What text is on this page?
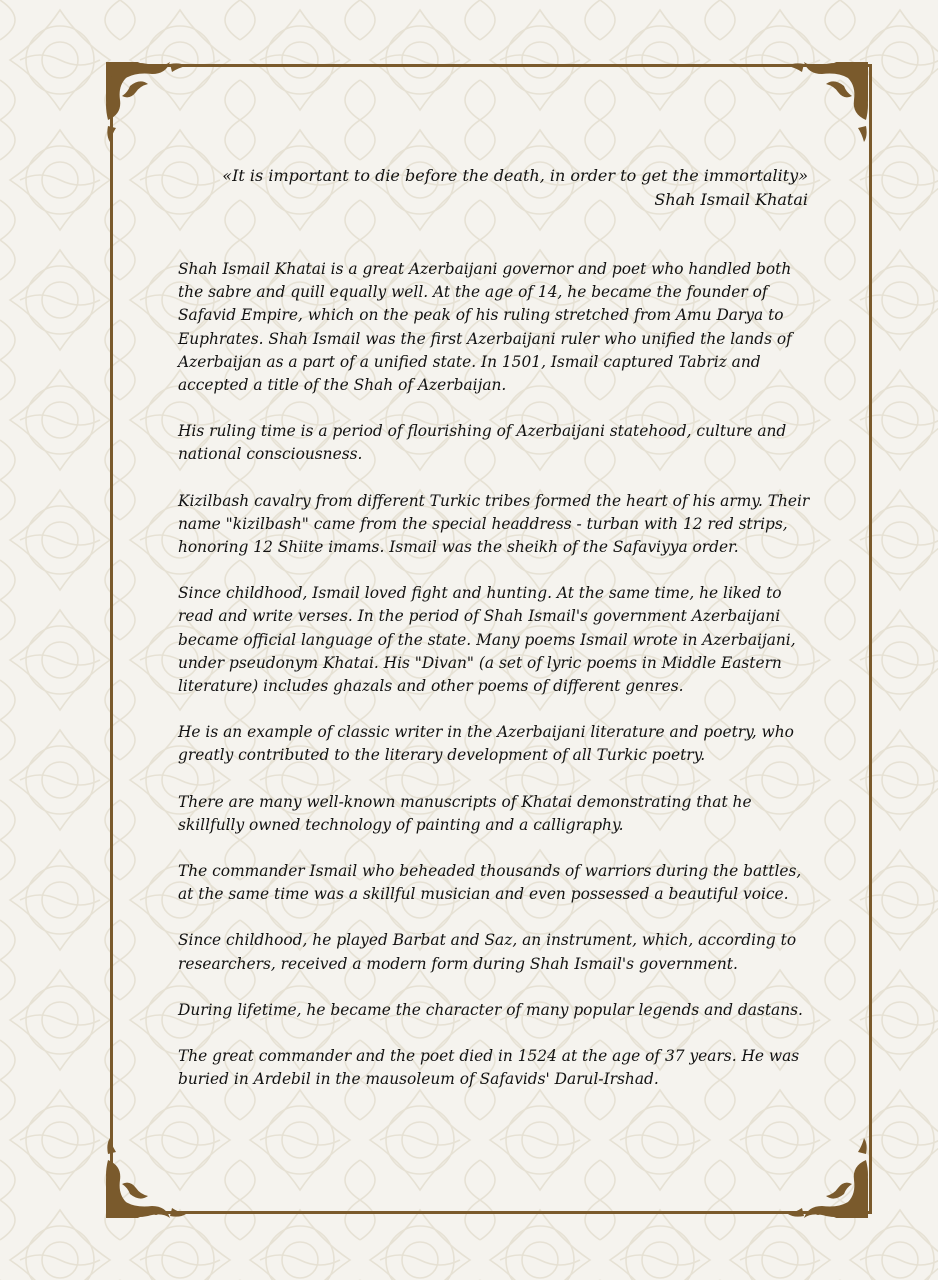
«It is important to die before the death, in order to get the immortality»
Shah Ismail Khatai

Shah Ismail Khatai is a great Azerbaijani governor and poet who handled both the sabre and quill equally well. At the age of 14, he became the founder of Safavid Empire, which on the peak of his ruling stretched from Amu Darya to Euphrates. Shah Ismail was the first Azerbaijani ruler who unified the lands of Azerbaijan as a part of a unified state. In 1501, Ismail captured Tabriz and accepted a title of the Shah of Azerbaijan.

His ruling time is a period of flourishing of Azerbaijani statehood, culture and national consciousness.

Kizilbash cavalry from different Turkic tribes formed the heart of his army. Their name "kizilbash" came from the special headdress - turban with 12 red strips, honoring 12 Shiite imams. Ismail was the sheikh of the Safaviyya order.

Since childhood, Ismail loved fight and hunting. At the same time, he liked to read and write verses. In the period of Shah Ismail's government Azerbaijani became official language of the state. Many poems Ismail wrote in Azerbaijani, under pseudonym Khatai. His "Divan" (a set of lyric poems in Middle Eastern literature) includes ghazals and other poems of different genres.

He is an example of classic writer in the Azerbaijani literature and poetry, who greatly contributed to the literary development of all Turkic poetry.

There are many well-known manuscripts of Khatai demonstrating that he skillfully owned technology of painting and a calligraphy.

The commander Ismail who beheaded thousands of warriors during the battles, at the same time was a skillful musician and even possessed a beautiful voice.

Since childhood, he played Barbat and Saz, an instrument, which, according to researchers, received a modern form during Shah Ismail's government.

During lifetime, he became the character of many popular legends and dastans.

The great commander and the poet died in 1524 at the age of 37 years. He was buried in Ardebil in the mausoleum of Safavids' Darul-Irshad.
